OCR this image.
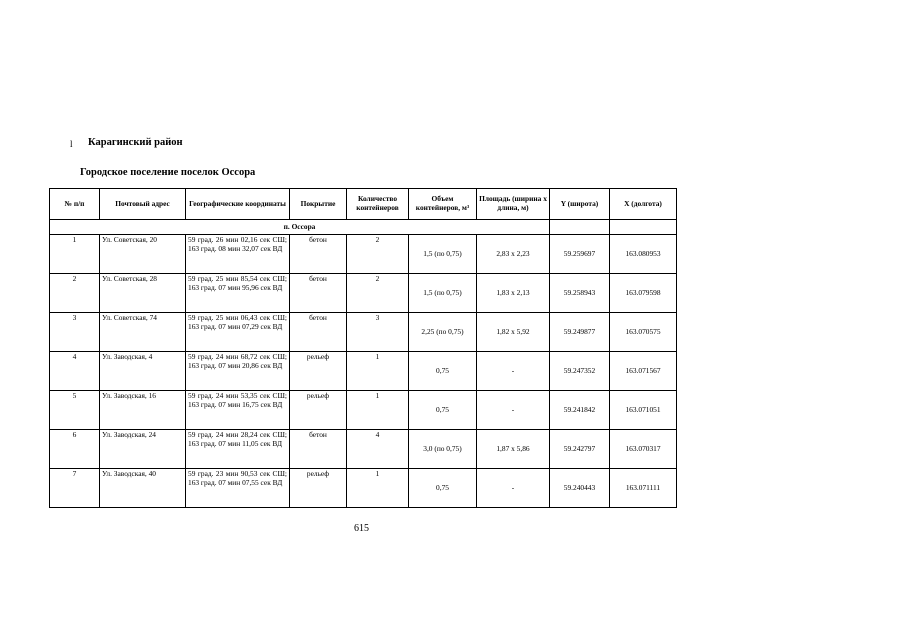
l Карагинский район
Городское поселение поселок Оссора
№ п/п	Почтовый адрес	Географические координаты	Покрытие	Количество контейнеров	Объем контейнеров, м³	Площадь (ширина х длина, м)	Y (широта)	X (долгота)
п. Оссора								
1	Ул. Советская, 20	59 град. 26 мин 02,16 сек СШ; 163 град. 08 мин 32,07 сек ВД	бетон	2	1,5 (по 0,75)	2,83 х 2,23	59.259697	163.080953
2	Ул. Советская, 28	59 град. 25 мин 85,54 сек СШ; 163 град. 07 мин 95,96 сек ВД	бетон	2	1,5 (по 0,75)	1,83 х 2,13	59.258943	163.079598
3	Ул. Советская, 74	59 град. 25 мин 06,43 сек СШ; 163 град. 07 мин 07,29 сек ВД	бетон	3	2,25 (по 0,75)	1,82 х 5,92	59.249877	163.070575
4	Ул. Заводская, 4	59 град. 24 мин 68,72 сек СШ; 163 град. 07 мин 20,86 сек ВД	рельеф	1	0,75	-	59.247352	163.071567
5	Ул. Заводская, 16	59 град. 24 мин 53,35 сек СШ; 163 град. 07 мин 16,75 сек ВД	рельеф	1	0,75	-	59.241842	163.071051
6	Ул. Заводская, 24	59 град. 24 мин 28,24 сек СШ; 163 град. 07 мин 11,05 сек ВД	бетон	4	3,0 (по 0,75)	1,87 х 5,86	59.242797	163.070317
7	Ул. Заводская, 40	59 град. 23 мин 90,53 сек СШ; 163 град. 07 мин 07,55 сек ВД	рельеф	1	0,75	-	59.240443	163.071111
615
